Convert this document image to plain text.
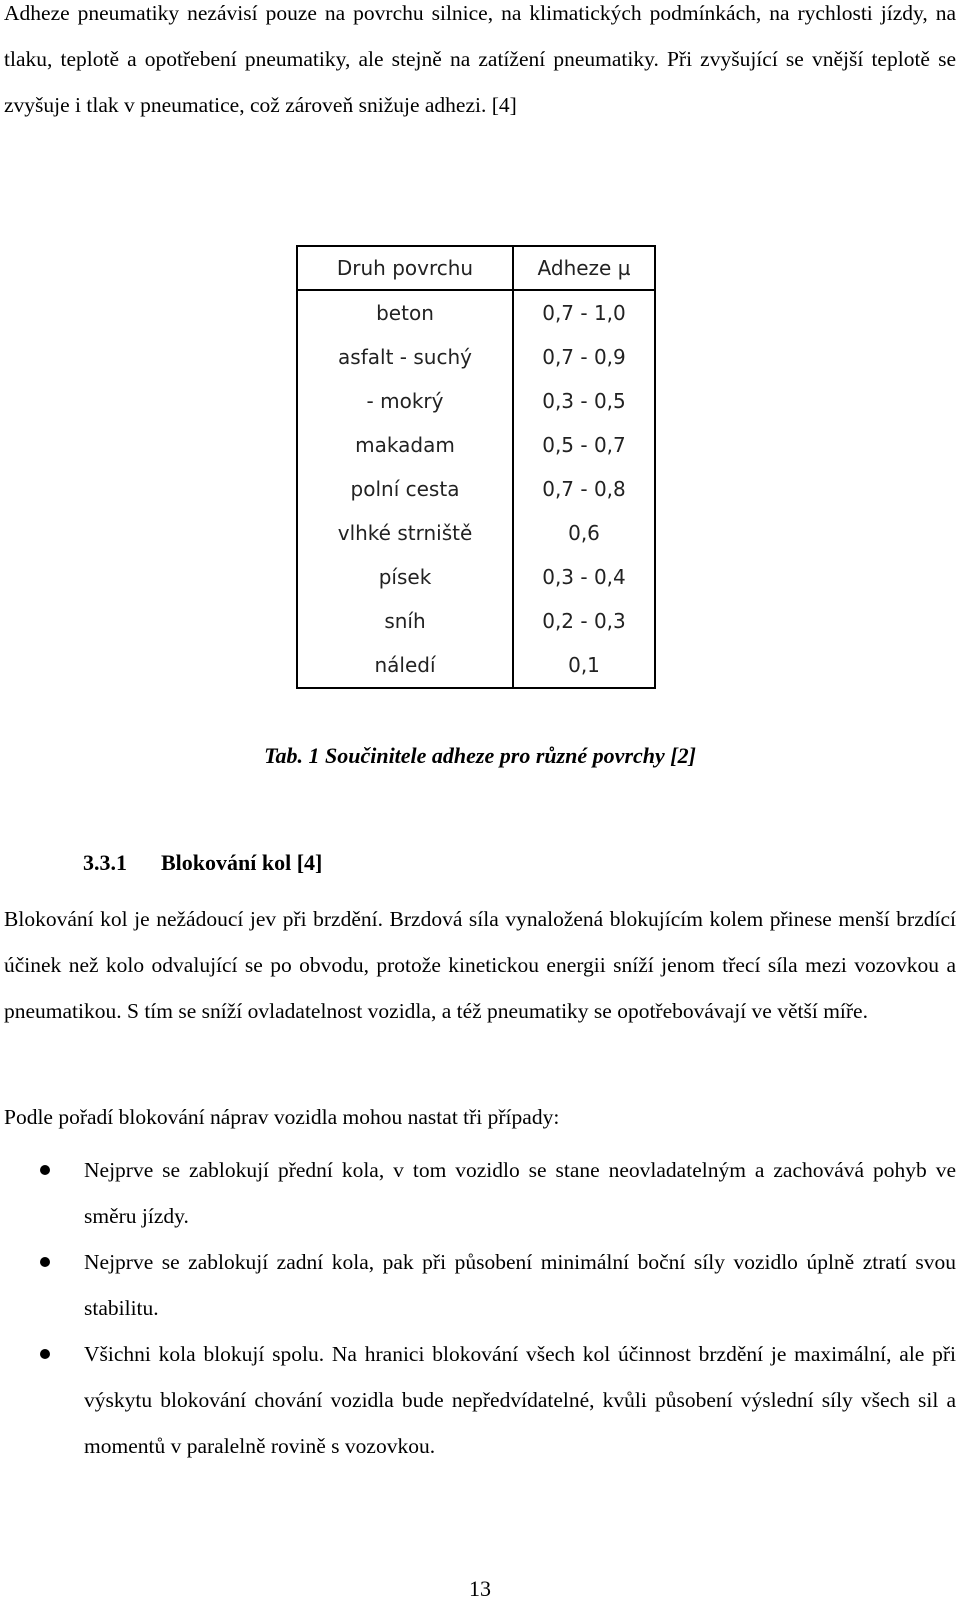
Adheze pneumatiky nezávisí pouze na povrchu silnice, na klimatických podmínkách, na rychlosti jízdy, na tlaku, teplotě a opotřebení pneumatiky, ale stejně na zatížení pneumatiky. Při zvyšující se vnější teplotě se zvyšuje i tlak v pneumatice, což zároveň snižuje adhezi. [4]

Druh povrchu	Adheze µ
beton	0,7 - 1,0
asfalt - suchý	0,7 - 0,9
- mokrý	0,3 - 0,5
makadam	0,5 - 0,7
polní cesta	0,7 - 0,8
vlhké strniště	0,6
písek	0,3 - 0,4
sníh	0,2 - 0,3
náledí	0,1
Tab. 1 Součinitele adheze pro různé povrchy [2]
3.3.1 Blokování kol [4]

Blokování kol je nežádoucí jev při brzdění. Brzdová síla vynaložená blokujícím kolem přinese menší brzdící účinek než kolo odvalující se po obvodu, protože kinetickou energii sníží jenom třecí síla mezi vozovkou a pneumatikou. S tím se sníží ovladatelnost vozidla, a též pneumatiky se opotřebovávají ve větší míře.

Podle pořadí blokování náprav vozidla mohou nastat tři případy:

Nejprve se zablokují přední kola, v tom vozidlo se stane neovladatelným a zachovává pohyb ve směru jízdy.
Nejprve se zablokují zadní kola, pak při působení minimální boční síly vozidlo úplně ztratí svou stabilitu.
Všichni kola blokují spolu. Na hranici blokování všech kol účinnost brzdění je maximální, ale při výskytu blokování chování vozidla bude nepředvídatelné, kvůli působení výslední síly všech sil a momentů v paralelně rovině s vozovkou.
13
